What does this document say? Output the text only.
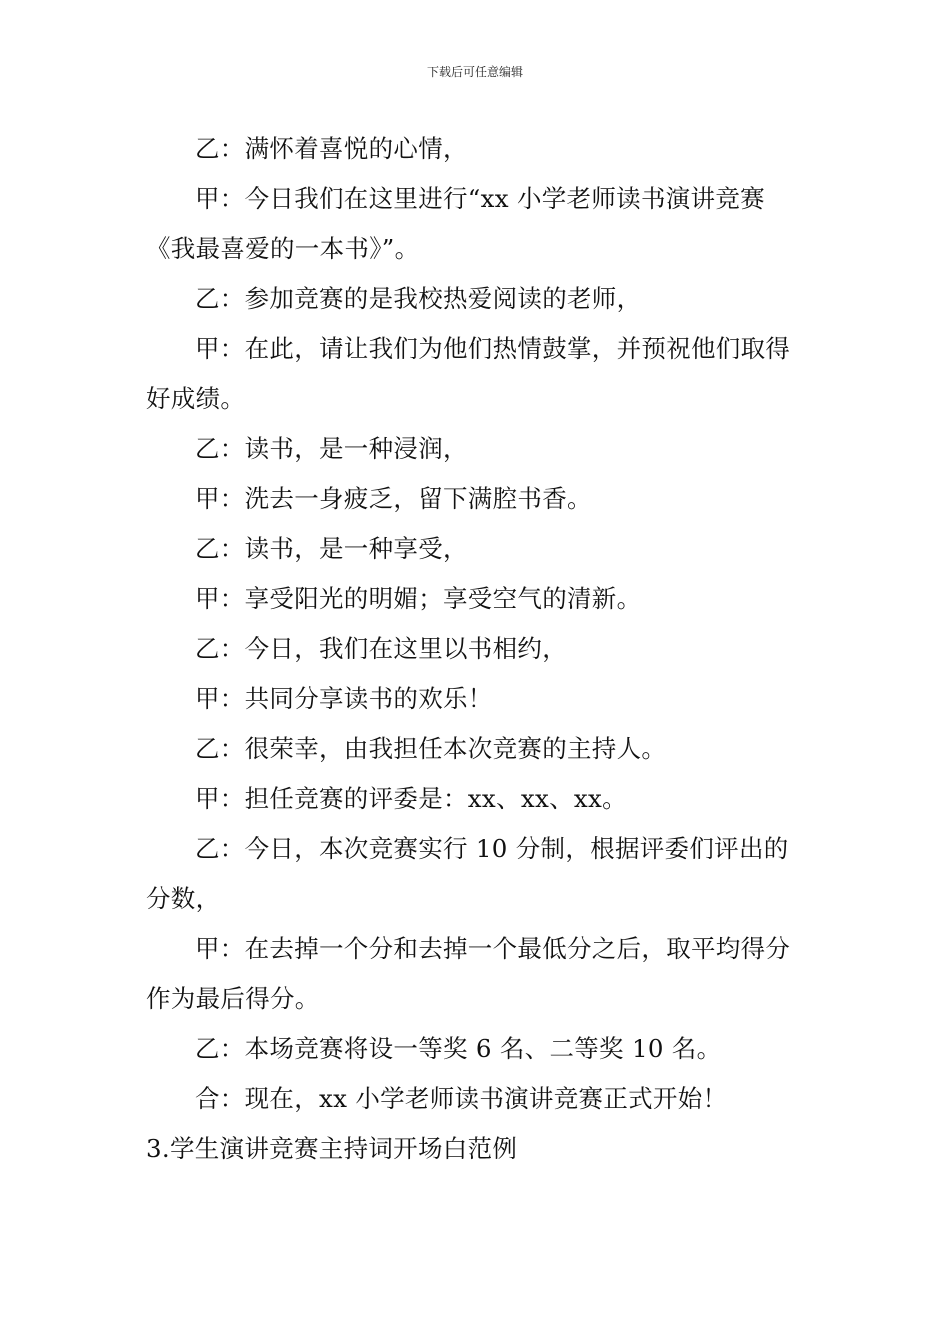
下载后可任意编辑

乙：满怀着喜悦的心情，

甲：今日我们在这里进行“xx 小学老师读书演讲竞赛《我最喜爱的一本书》”。

乙：参加竞赛的是我校热爱阅读的老师，

甲：在此，请让我们为他们热情鼓掌，并预祝他们取得好成绩。

乙：读书，是一种浸润，

甲：洗去一身疲乏，留下满腔书香。

乙：读书，是一种享受，

甲：享受阳光的明媚；享受空气的清新。

乙：今日，我们在这里以书相约，

甲：共同分享读书的欢乐！

乙：很荣幸，由我担任本次竞赛的主持人。

甲：担任竞赛的评委是：xx、xx、xx。

乙：今日，本次竞赛实行 10 分制，根据评委们评出的分数，

甲：在去掉一个分和去掉一个最低分之后，取平均得分作为最后得分。

乙：本场竞赛将设一等奖 6 名、二等奖 10 名。

合：现在，xx 小学老师读书演讲竞赛正式开始！

3.学生演讲竞赛主持词开场白范例
